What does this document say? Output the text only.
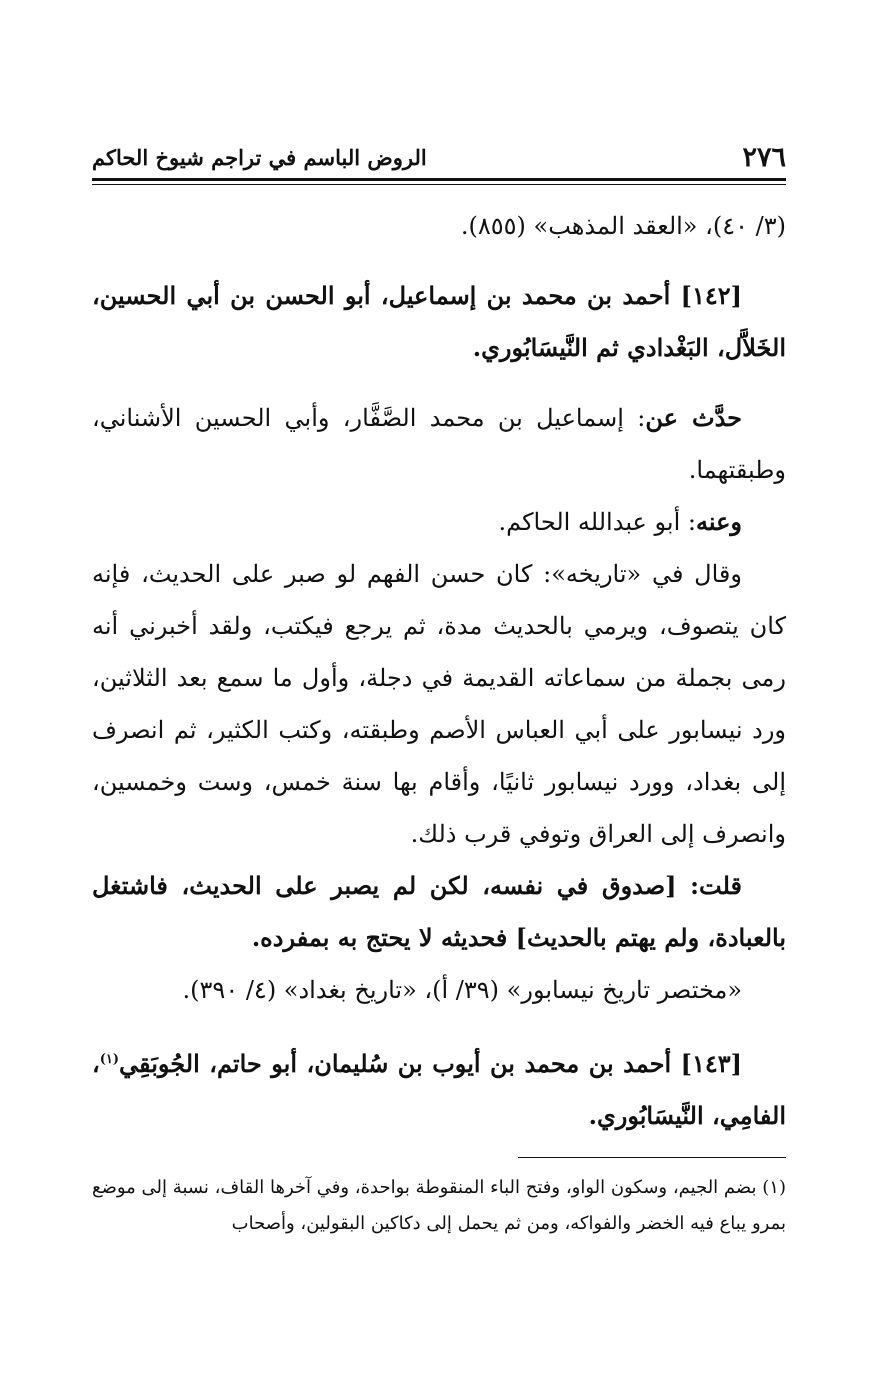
٢٧٦
الروض الباسم في تراجم شيوخ الحاكم

(٣/ ٤٠)، «العقد المذهب» (٨٥٥).

[١٤٢] أحمد بن محمد بن إسماعيل، أبو الحسن بن أبي الحسين، الخَلاَّل، البَغْدادي ثم النَّيسَابُوري.

حدَّث عن: إسماعيل بن محمد الصَّفَّار، وأبي الحسين الأشناني، وطبقتهما.

وعنه: أبو عبدالله الحاكم.

وقال في «تاريخه»: كان حسن الفهم لو صبر على الحديث، فإنه كان يتصوف، ويرمي بالحديث مدة، ثم يرجع فيكتب، ولقد أخبرني أنه رمى بجملة من سماعاته القديمة في دجلة، وأول ما سمع بعد الثلاثين، ورد نيسابور على أبي العباس الأصم وطبقته، وكتب الكثير، ثم انصرف إلى بغداد، وورد نيسابور ثانيًا، وأقام بها سنة خمس، وست وخمسين، وانصرف إلى العراق وتوفي قرب ذلك.

قلت: [صدوق في نفسه، لكن لم يصبر على الحديث، فاشتغل بالعبادة، ولم يهتم بالحديث] فحديثه لا يحتج به بمفرده.

«مختصر تاريخ نيسابور» (٣٩/ أ)، «تاريخ بغداد» (٤/ ٣٩٠).

[١٤٣] أحمد بن محمد بن أيوب بن سُليمان، أبو حاتم، الجُوبَقِي$^{(١)}$، الفامِي، النَّيسَابُوري.

(١) بضم الجيم، وسكون الواو، وفتح الباء المنقوطة بواحدة، وفي آخرها القاف، نسبة إلى موضع بمرو يباع فيه الخضر والفواكه، ومن ثم يحمل إلى دكاكين البقولين، وأصحاب
